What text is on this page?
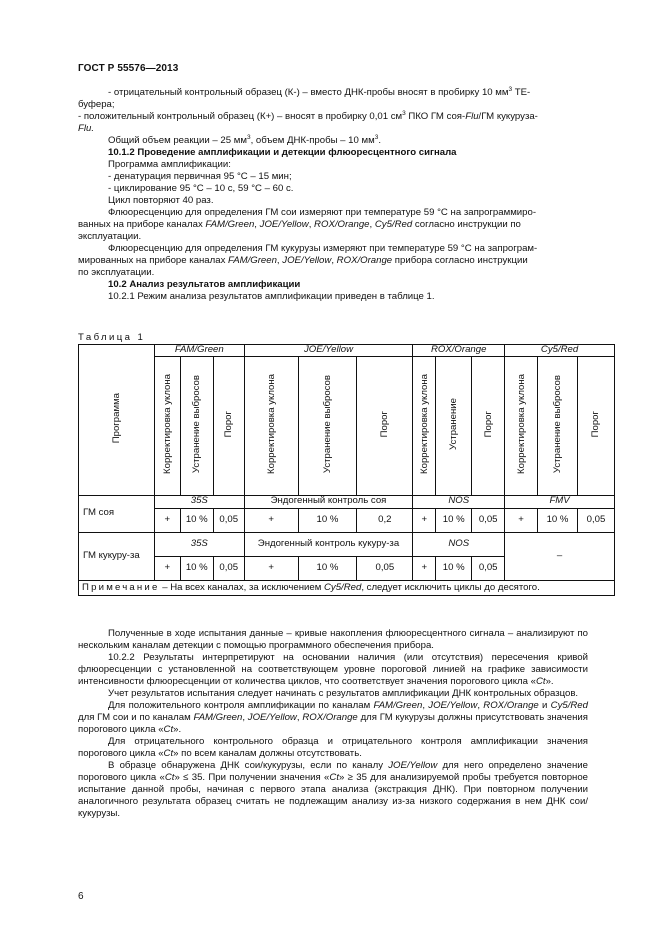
ГОСТ Р 55576—2013

- отрицательный контрольный образец (К-) – вместо ДНК-пробы вносят в пробирку 10 $мм^3$ ТЕ-

буфера;

- положительный контрольный образец (К+) – вносят в пробирку 0,01 $см^3$ ПКО ГМ соя-Flu/ГМ кукуруза-

Flu.

Общий объем реакции – 25 $мм^3$, объем ДНК-пробы – 10 $мм^3$.

10.1.2 Проведение амплификации и детекции флюоресцентного сигнала

Программа амплификации:

- денатурация первичная 95 °С – 15 мин;

- циклирование 95 °С – 10 с, 59 °С – 60 с.

Цикл повторяют 40 раз.

Флюоресценцию для определения ГМ сои измеряют при температуре 59 °С на запрограммиро-

ванных на приборе каналах FAM/Green, JOE/Yellow, ROX/Orange, Cy5/Red согласно инструкции по

эксплуатации.

Флюоресценцию для определения ГМ кукурузы измеряют при температуре 59 °С на запрограм-

мированных на приборе каналах FAM/Green, JOE/Yellow, ROX/Orange прибора согласно инструкции

по эксплуатации.

10.2 Анализ результатов амплификации

10.2.1 Режим анализа результатов амплификации приведен в таблице 1.

Таблица 1
Программа	FAM/Green			JOE/Yellow			ROX/Orange			Cy5/Red		
	Корректировка уклона	Устранение выбросов	Порог	Корректировка уклона	Устранение выбросов	Порог	Корректировка уклона	Устранение	Порог	Корректировка уклона	Устранение выбросов	Порог
ГМ соя	35S			Эндогенный контроль соя			NOS			FMV		
	+	10 %	0,05	+	10 %	0,2	+	10 %	0,05	+	10 %	0,05
ГМ кукуру-за	35S			Эндогенный контроль кукуру-за			NOS			–		
	+	10 %	0,05	+	10 %	0,05	+	10 %	0,05			
Примечание – На всех каналах, за исключением Cy5/Red, следует исключить циклы до десятого.												

Полученные в ходе испытания данные – кривые накопления флюоресцентного сигнала – анализируют по нескольким каналам детекции с помощью программного обеспечения прибора.

10.2.2 Результаты интерпретируют на основании наличия (или отсутствия) пересечения кривой флюоресценции с установленной на соответствующем уровне пороговой линией на графике зависимости интенсивности флюоресценции от количества циклов, что соответствует значения порогового цикла «Ct».

Учет результатов испытания следует начинать с результатов амплификации ДНК контрольных образцов.

Для положительного контроля амплификации по каналам FAM/Green, JOE/Yellow, ROX/Orange и Cy5/Red для ГМ сои и по каналам FAM/Green, JOE/Yellow, ROX/Orange для ГМ кукурузы должны присутствовать значения порогового цикла «Ct».

Для отрицательного контрольного образца и отрицательного контроля амплификации значения порогового цикла «Ct» по всем каналам должны отсутствовать.

В образце обнаружена ДНК сои/кукурузы, если по каналу JOE/Yellow для него определено значение порогового цикла «Ct» ≤ 35. При получении значения «Ct» ≥ 35 для анализируемой пробы требуется повторное испытание данной пробы, начиная с первого этапа анализа (экстракция ДНК). При повторном получении аналогичного результата образец считать не подлежащим анализу из-за низкого содержания в нем ДНК сои/кукурузы.

6
